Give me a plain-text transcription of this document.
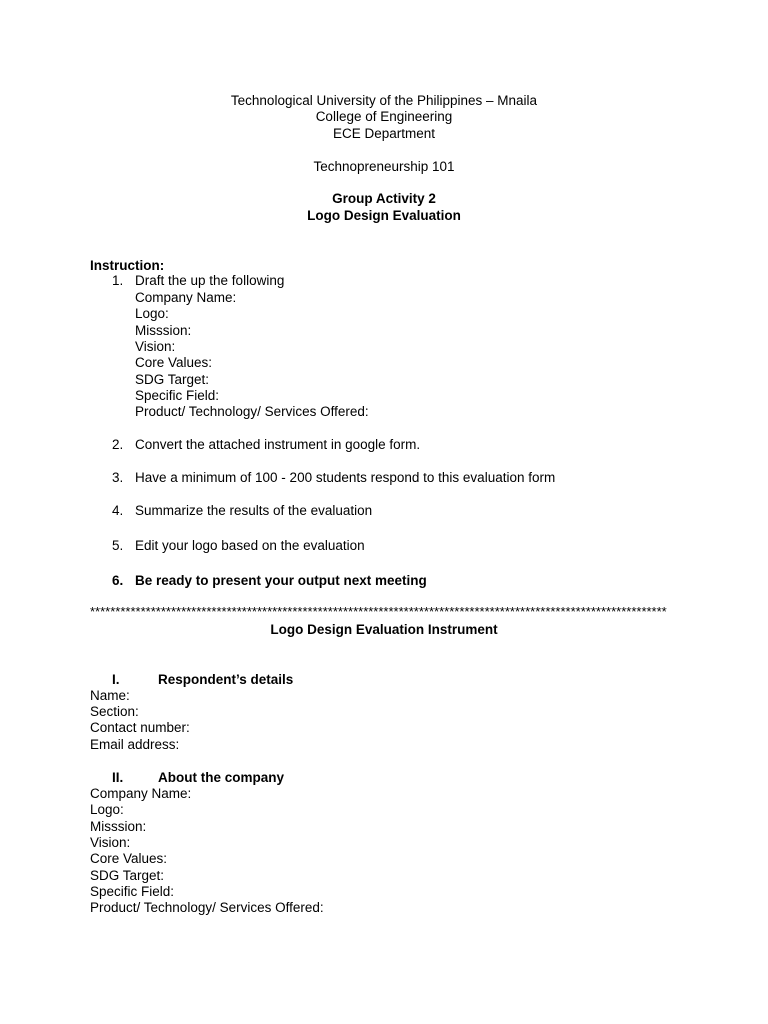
Technological University of the Philippines – Mnaila
College of Engineering
ECE Department
Technopreneurship 101
Group Activity 2
Logo Design Evaluation
Instruction:
1. Draft the up the following
Company Name:
Logo:
Misssion:
Vision:
Core Values:
SDG Target:
Specific Field:
Product/ Technology/ Services Offered:
2. Convert the attached instrument in google form.
3. Have a minimum of 100 - 200 students respond to this evaluation form
4. Summarize the results of the evaluation
5. Edit your logo based on the evaluation
6. Be ready to present your output next meeting
******************************************************************************************************************
Logo Design Evaluation Instrument
I.	Respondent’s details
Name:
Section:
Contact number:
Email address:
II.	About the company
Company Name:
Logo:
Misssion:
Vision:
Core Values:
SDG Target:
Specific Field:
Product/ Technology/ Services Offered:
